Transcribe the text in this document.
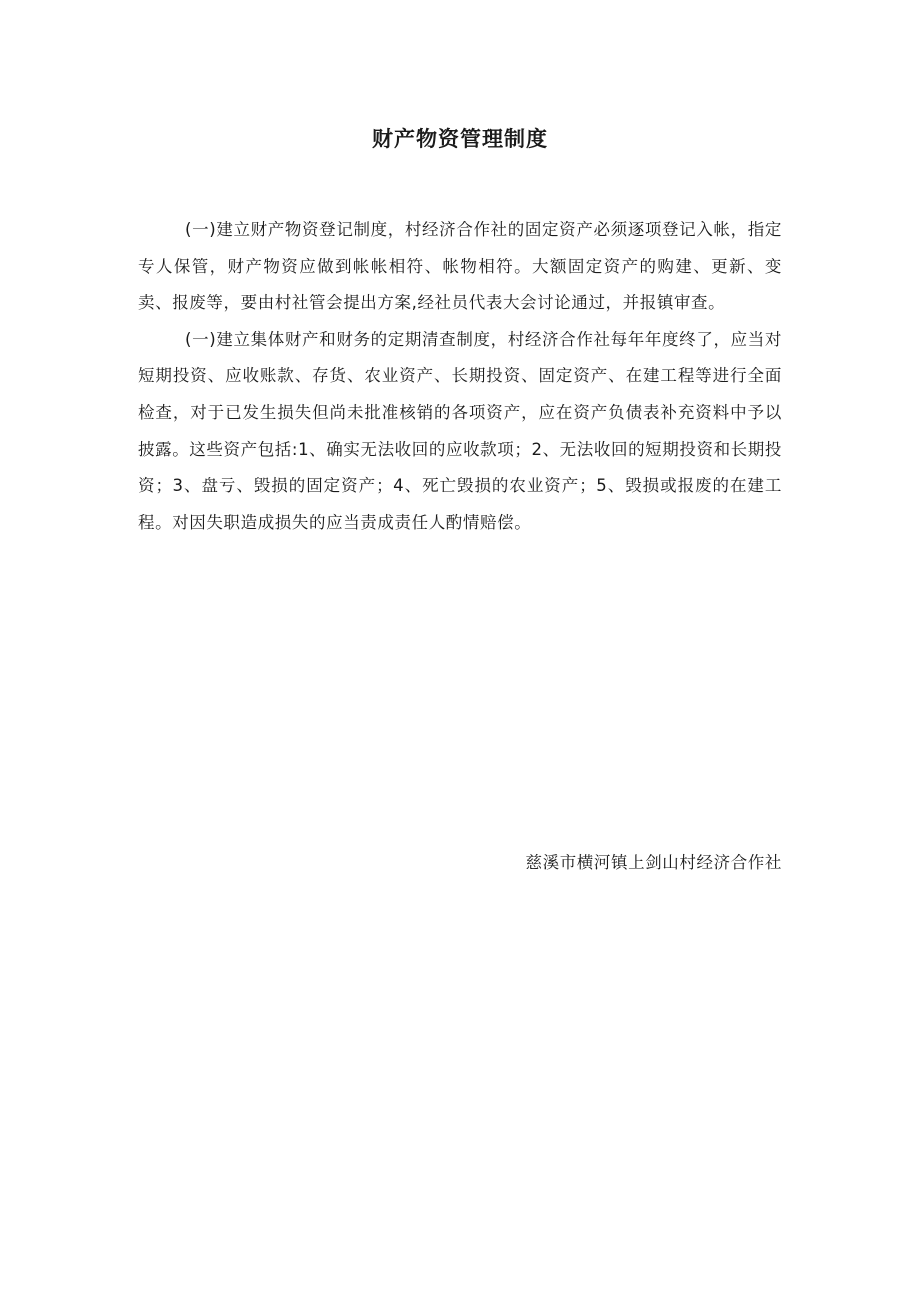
财产物资管理制度

(一)建立财产物资登记制度，村经济合作社的固定资产必须逐项登记入帐，指定专人保管，财产物资应做到帐帐相符、帐物相符。大额固定资产的购建、更新、变卖、报废等，要由村社管会提出方案,经社员代表大会讨论通过，并报镇审查。

(一)建立集体财产和财务的定期清查制度，村经济合作社每年年度终了，应当对短期投资、应收账款、存货、农业资产、长期投资、固定资产、在建工程等进行全面检查，对于已发生损失但尚未批准核销的各项资产，应在资产负债表补充资料中予以披露。这些资产包括:1、确实无法收回的应收款项；2、无法收回的短期投资和长期投资；3、盘亏、毁损的固定资产；4、死亡毁损的农业资产；5、毁损或报废的在建工程。对因失职造成损失的应当责成责任人酌情赔偿。

慈溪市横河镇上剑山村经济合作社
